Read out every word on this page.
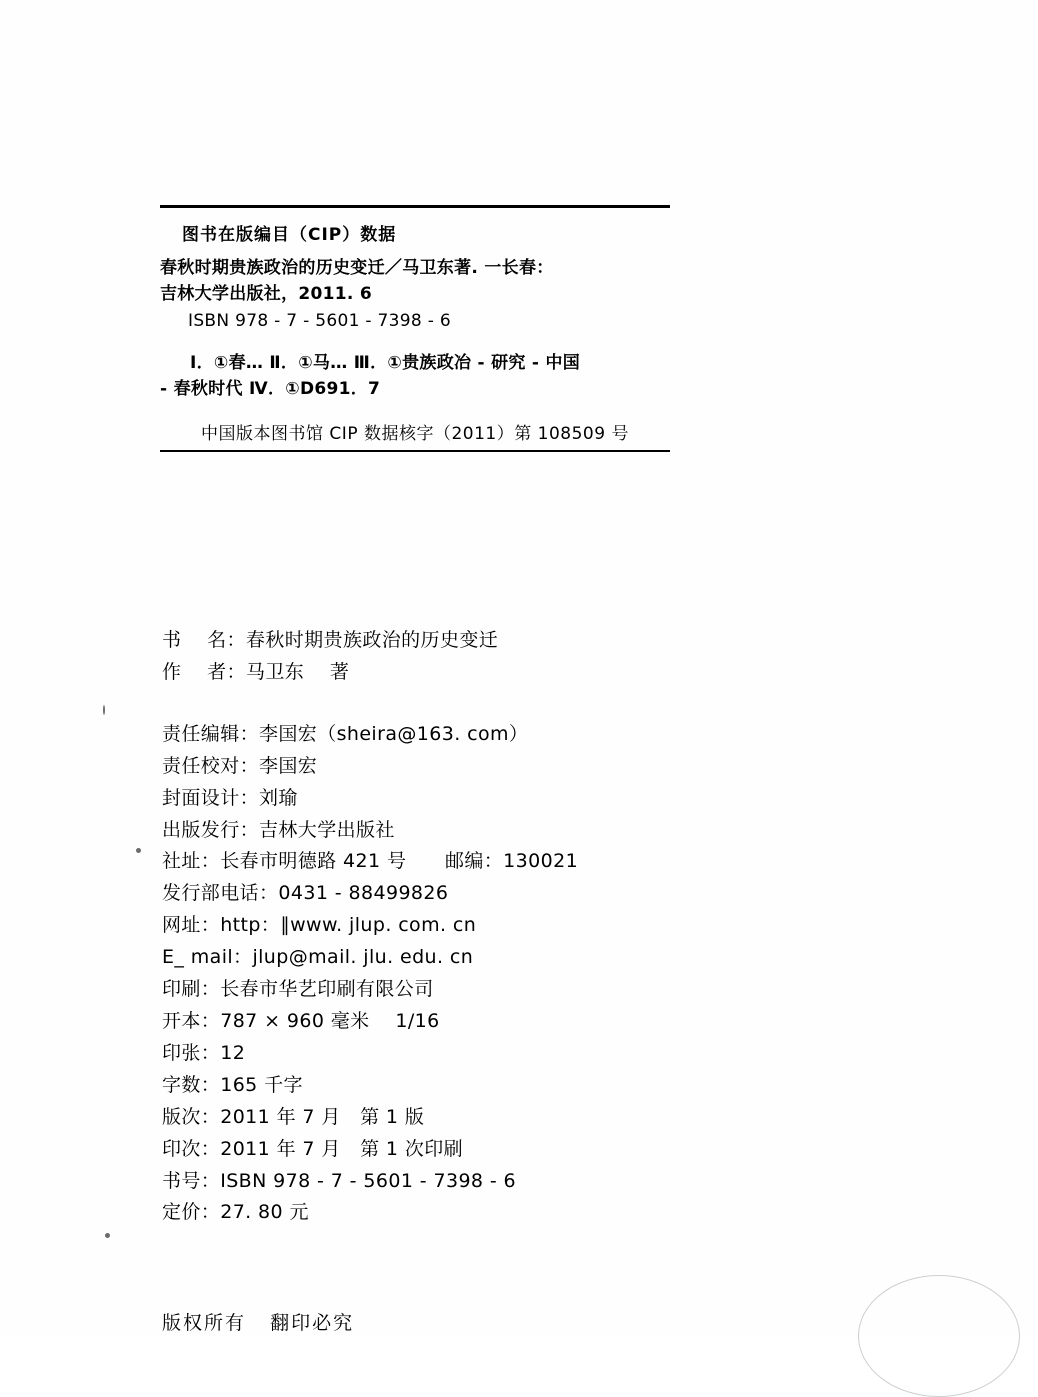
图书在版编目（CIP）数据
春秋时期贵族政治的历史变迁／马卫东著. 一长春：
吉林大学出版社，2011. 6
ISBN 978 - 7 - 5601 - 7398 - 6
Ⅰ．①春… Ⅱ．①马… Ⅲ．①贵族政冶 - 研究 - 中国
- 春秋时代 Ⅳ．①D691．7
中国版本图书馆 CIP 数据核字（2011）第 108509 号
书    名：春秋时期贵族政治的历史变迁
作    者：马卫东    著
责任编辑：李国宏（sheira@163. com）
责任校对：李国宏
封面设计：刘瑜
出版发行：吉林大学出版社
社址：长春市明德路 421 号      邮编：130021
发行部电话：0431 - 88499826
网址：http：∥www. jlup. com. cn
E_ mail：jlup@mail. jlu. edu. cn
印刷：长春市华艺印刷有限公司
开本：787 × 960 毫米    1/16
印张：12
字数：165 千字
版次：2011 年 7 月   第 1 版
印次：2011 年 7 月   第 1 次印刷
书号：ISBN 978 - 7 - 5601 - 7398 - 6
定价：27. 80 元
版权所有   翻印必究
